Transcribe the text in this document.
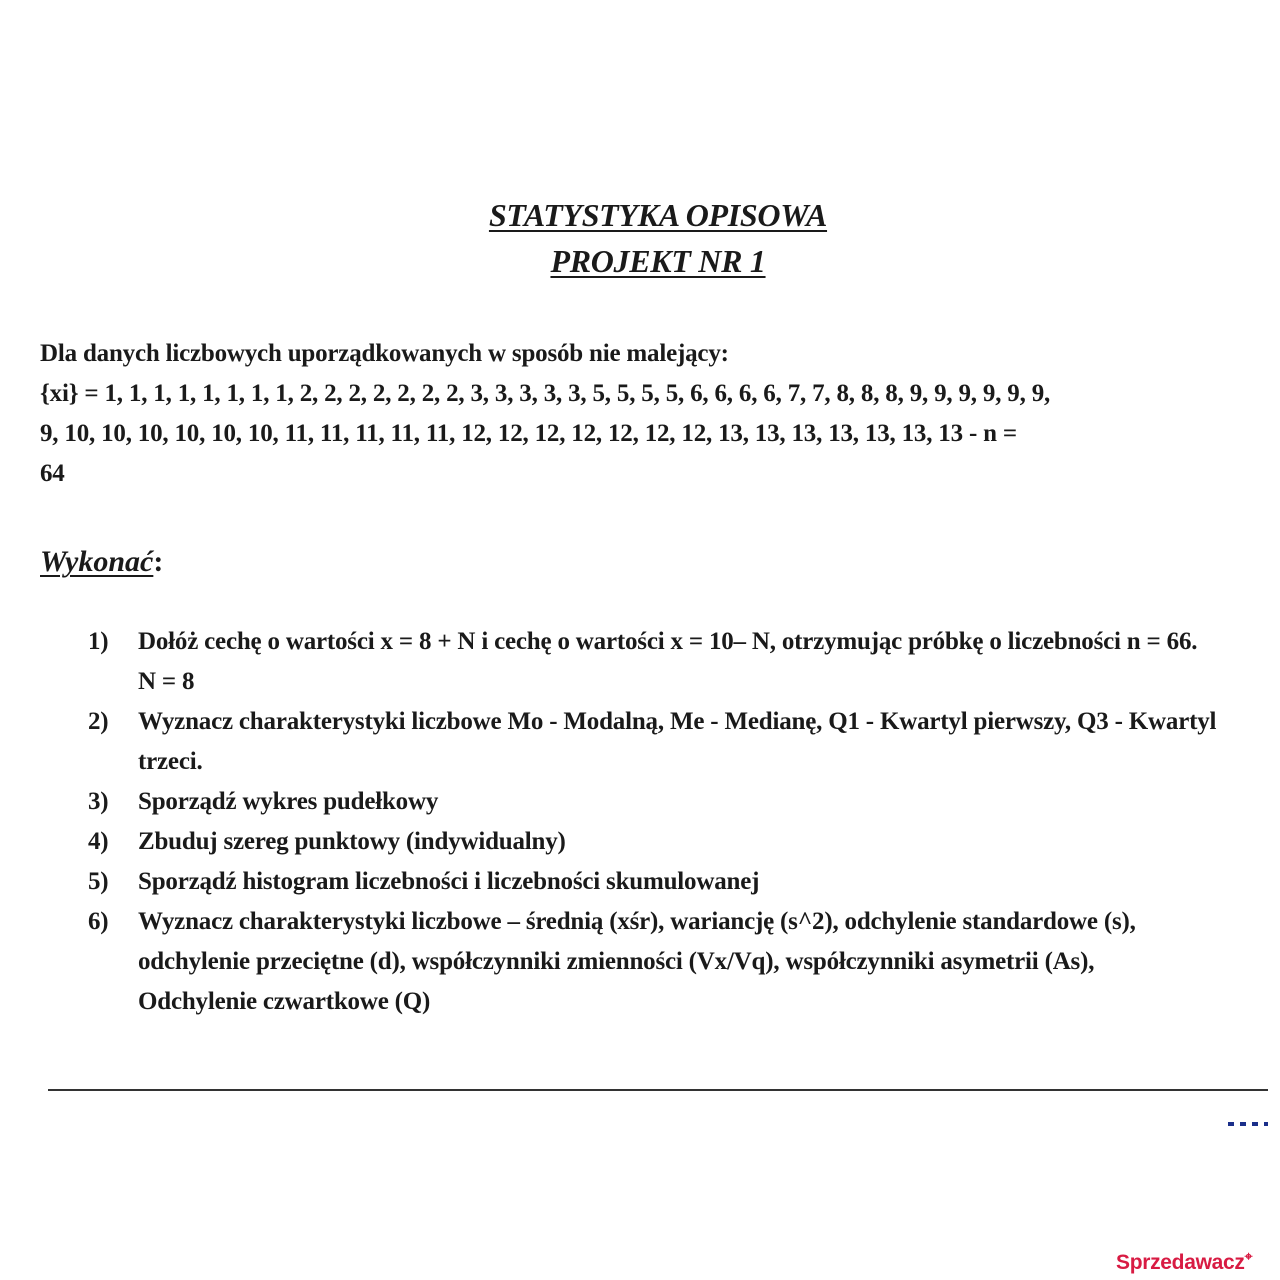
STATYSTYKA OPISOWA
PROJEKT NR 1

Dla danych liczbowych uporządkowanych w sposób nie malejący:

{xi} = 1, 1, 1, 1, 1, 1, 1, 1, 2, 2, 2, 2, 2, 2, 2, 3, 3, 3, 3, 3, 5, 5, 5, 5, 6, 6, 6, 6, 7, 7, 8, 8, 8, 9, 9, 9, 9, 9, 9,

9, 10, 10, 10, 10, 10, 10, 11, 11, 11, 11, 11, 12, 12, 12, 12, 12, 12, 12, 13, 13, 13, 13, 13, 13, 13 - n =

64

Wykonać:
1)	Dołóż cechę o wartości x = 8 + N i cechę o wartości x = 10– N, otrzymując próbkę o liczebności n = 66. N = 8
2)	Wyznacz charakterystyki liczbowe Mo - Modalną, Me - Medianę, Q1 - Kwartyl pierwszy, Q3 - Kwartyl trzeci.
3)	Sporządź wykres pudełkowy
4)	Zbuduj szereg punktowy (indywidualny)
5)	Sporządź histogram liczebności i liczebności skumulowanej
6)	Wyznacz charakterystyki liczbowe – średnią (xśr), wariancję (s^2), odchylenie standardowe (s), odchylenie przeciętne (d), współczynniki zmienności (Vx/Vq), współczynniki asymetrii (As), Odchylenie czwartkowe (Q)
Sprzedawacz⌖
